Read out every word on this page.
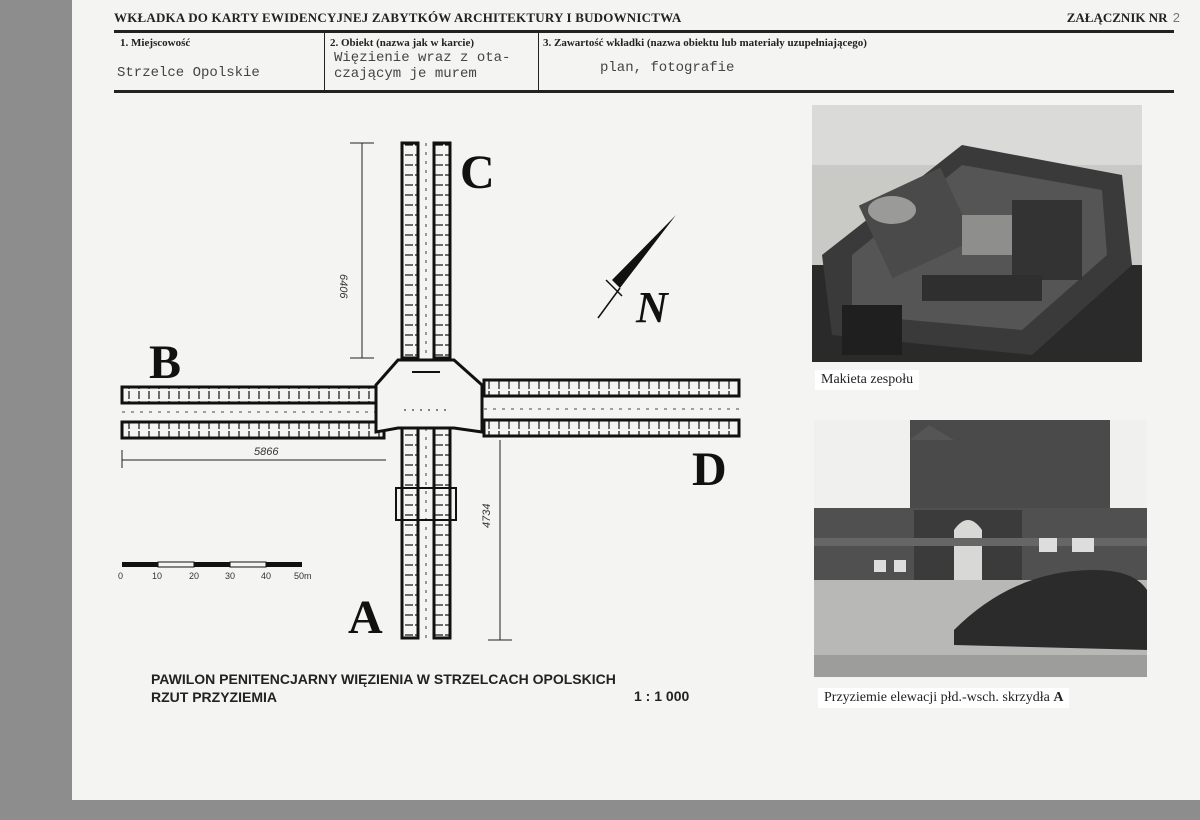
WKŁADKA DO KARTY EWIDENCYJNEJ ZABYTKÓW ARCHITEKTURY I BUDOWNICTWA	ZAŁĄCZNIK NR 2
1. Miejscowość
Strzelce Opolskie
2. Obiekt (nazwa jak w karcie)
Więzienie wraz z ota-
czającym je murem
3. Zawartość wkładki (nazwa obiektu lub materiały uzupełniającego)
plan, fotografie
6406
5866
4734
C
B
D
A
N
0	10	20	30	40	50m
PAWILON PENITENCJARNY WIĘZIENIA W STRZELCACH OPOLSKICH
RZUT PRZYZIEMIA	1 : 1 000
Makieta zespołu
Przyziemie elewacji płd.-wsch. skrzydła A
